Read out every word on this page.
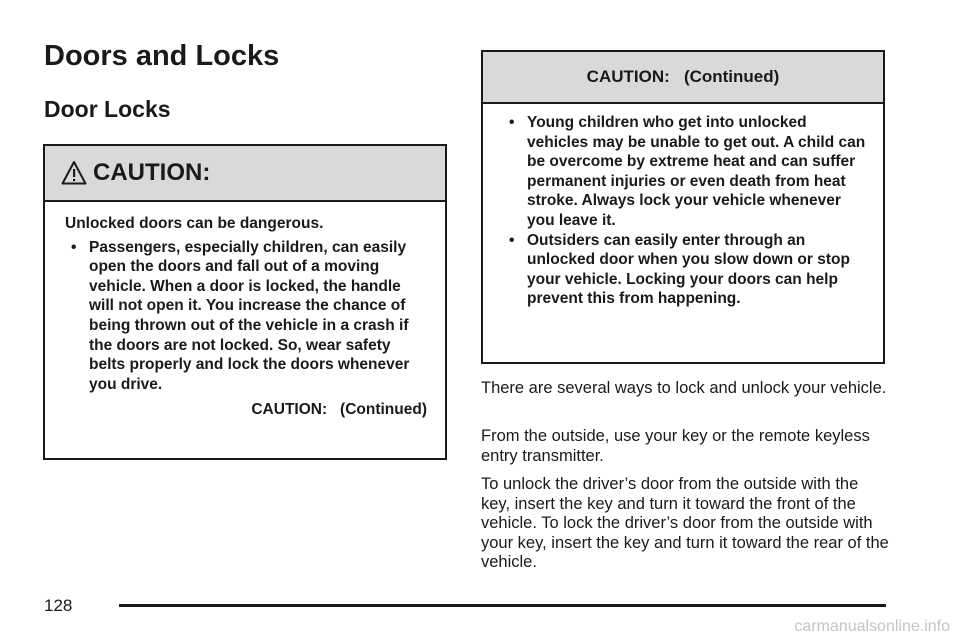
Doors and Locks
Door Locks
CAUTION:

Unlocked doors can be dangerous.

• Passengers, especially children, can easily open the doors and fall out of a moving vehicle. When a door is locked, the handle will not open it. You increase the chance of being thrown out of the vehicle in a crash if the doors are not locked. So, wear safety belts properly and lock the doors whenever you drive.
CAUTION:   (Continued)
CAUTION:   (Continued)
• Young children who get into unlocked vehicles may be unable to get out. A child can be overcome by extreme heat and can suffer permanent injuries or even death from heat stroke. Always lock your vehicle whenever you leave it.
• Outsiders can easily enter through an unlocked door when you slow down or stop your vehicle. Locking your doors can help prevent this from happening.

There are several ways to lock and unlock your vehicle.

From the outside, use your key or the remote keyless entry transmitter.

To unlock the driver’s door from the outside with the key, insert the key and turn it toward the front of the vehicle. To lock the driver’s door from the outside with your key, insert the key and turn it toward the rear of the vehicle.

128
carmanualsonline.info
